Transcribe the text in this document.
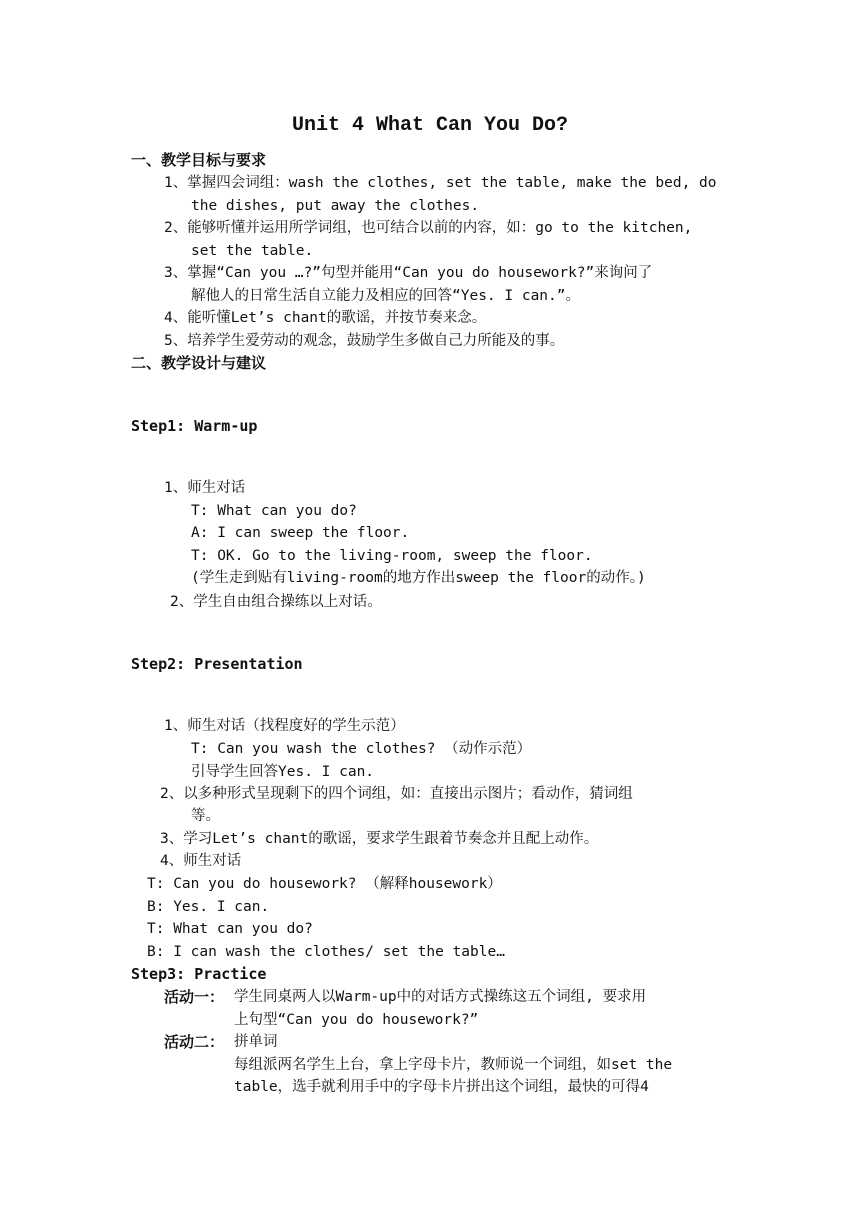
Unit 4 What Can You Do?
一、教学目标与要求
1、掌握四会词组：wash the clothes, set the table, make the bed, do
the dishes, put away the clothes.
2、能够听懂并运用所学词组，也可结合以前的内容，如：go to the kitchen,
set the table.
3、掌握“Can you …?”句型并能用“Can you do housework?”来询问了
解他人的日常生活自立能力及相应的回答“Yes. I can.”。
4、能听懂Let’s chant的歌谣，并按节奏来念。
5、培养学生爱劳动的观念，鼓励学生多做自己力所能及的事。
二、教学设计与建议
Step1: Warm-up
1、师生对话
T: What can you do?
A: I can sweep the floor.
T: OK. Go to the living-room, sweep the floor.
(学生走到贴有living-room的地方作出sweep the floor的动作。)
2、学生自由组合操练以上对话。
Step2: Presentation
1、师生对话（找程度好的学生示范）
T: Can you wash the clothes? （动作示范）
引导学生回答Yes. I can.
2、以多种形式呈现剩下的四个词组，如：直接出示图片；看动作，猜词组
等。
3、学习Let’s chant的歌谣，要求学生跟着节奏念并且配上动作。
4、师生对话
T: Can you do housework? （解释housework）
B: Yes. I can.
T: What can you do?
B: I can wash the clothes/ set the table…
Step3: Practice
活动一： 学生同桌两人以Warm-up中的对话方式操练这五个词组, 要求用
上句型“Can you do housework?”
活动二： 拼单词
每组派两名学生上台，拿上字母卡片，教师说一个词组，如set the
table，选手就利用手中的字母卡片拼出这个词组，最快的可得4
